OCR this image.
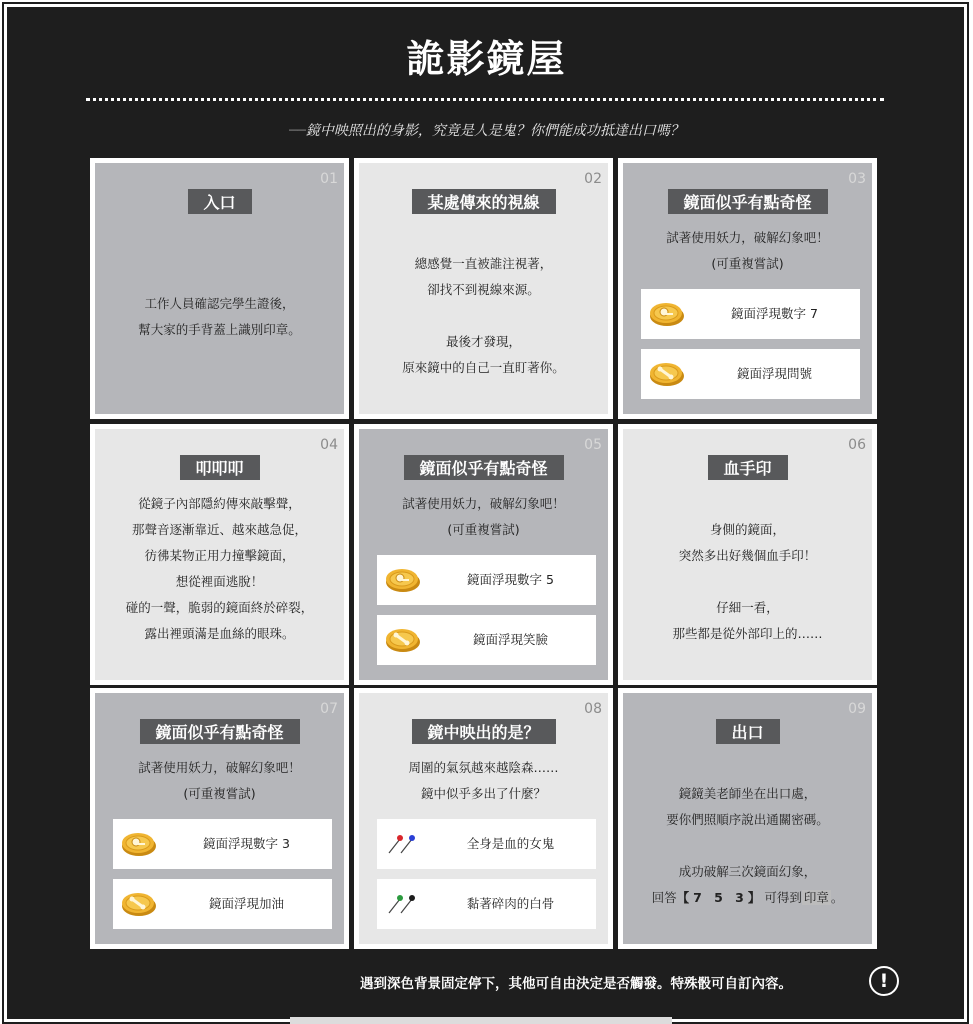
詭影鏡屋
──鏡中映照出的身影，究竟是人是鬼？你們能成功抵達出口嗎？
01
入口
工作人員確認完學生證後，
幫大家的手背蓋上識別印章。
02
某處傳來的視線
總感覺一直被誰注視著，
卻找不到視線來源。
最後才發現，
原來鏡中的自己一直盯著你。
03
鏡面似乎有點奇怪
試著使用妖力，破解幻象吧！
(可重複嘗試)
鏡面浮現數字 7
鏡面浮現問號
04
叩叩叩
從鏡子內部隱約傳來敲擊聲，
那聲音逐漸靠近、越來越急促，
彷彿某物正用力撞擊鏡面，
想從裡面逃脫！
碰的一聲，脆弱的鏡面終於碎裂，
露出裡頭滿是血絲的眼珠。
05
鏡面似乎有點奇怪
試著使用妖力，破解幻象吧！
(可重複嘗試)
鏡面浮現數字 5
鏡面浮現笑臉
06
血手印
身側的鏡面，
突然多出好幾個血手印！
仔細一看，
那些都是從外部印上的……
07
鏡面似乎有點奇怪
試著使用妖力，破解幻象吧！
(可重複嘗試)
鏡面浮現數字 3
鏡面浮現加油
08
鏡中映出的是？
周圍的氣氛越來越陰森……
鏡中似乎多出了什麼？
全身是血的女鬼
黏著碎肉的白骨
09
出口
鏡鏡美老師坐在出口處，
要你們照順序說出通關密碼。
成功破解三次鏡面幻象，
回答【7 5 3】可得到 印章 。
遇到深色背景固定停下，其他可自由決定是否觸發。特殊骰可自訂內容。	!
